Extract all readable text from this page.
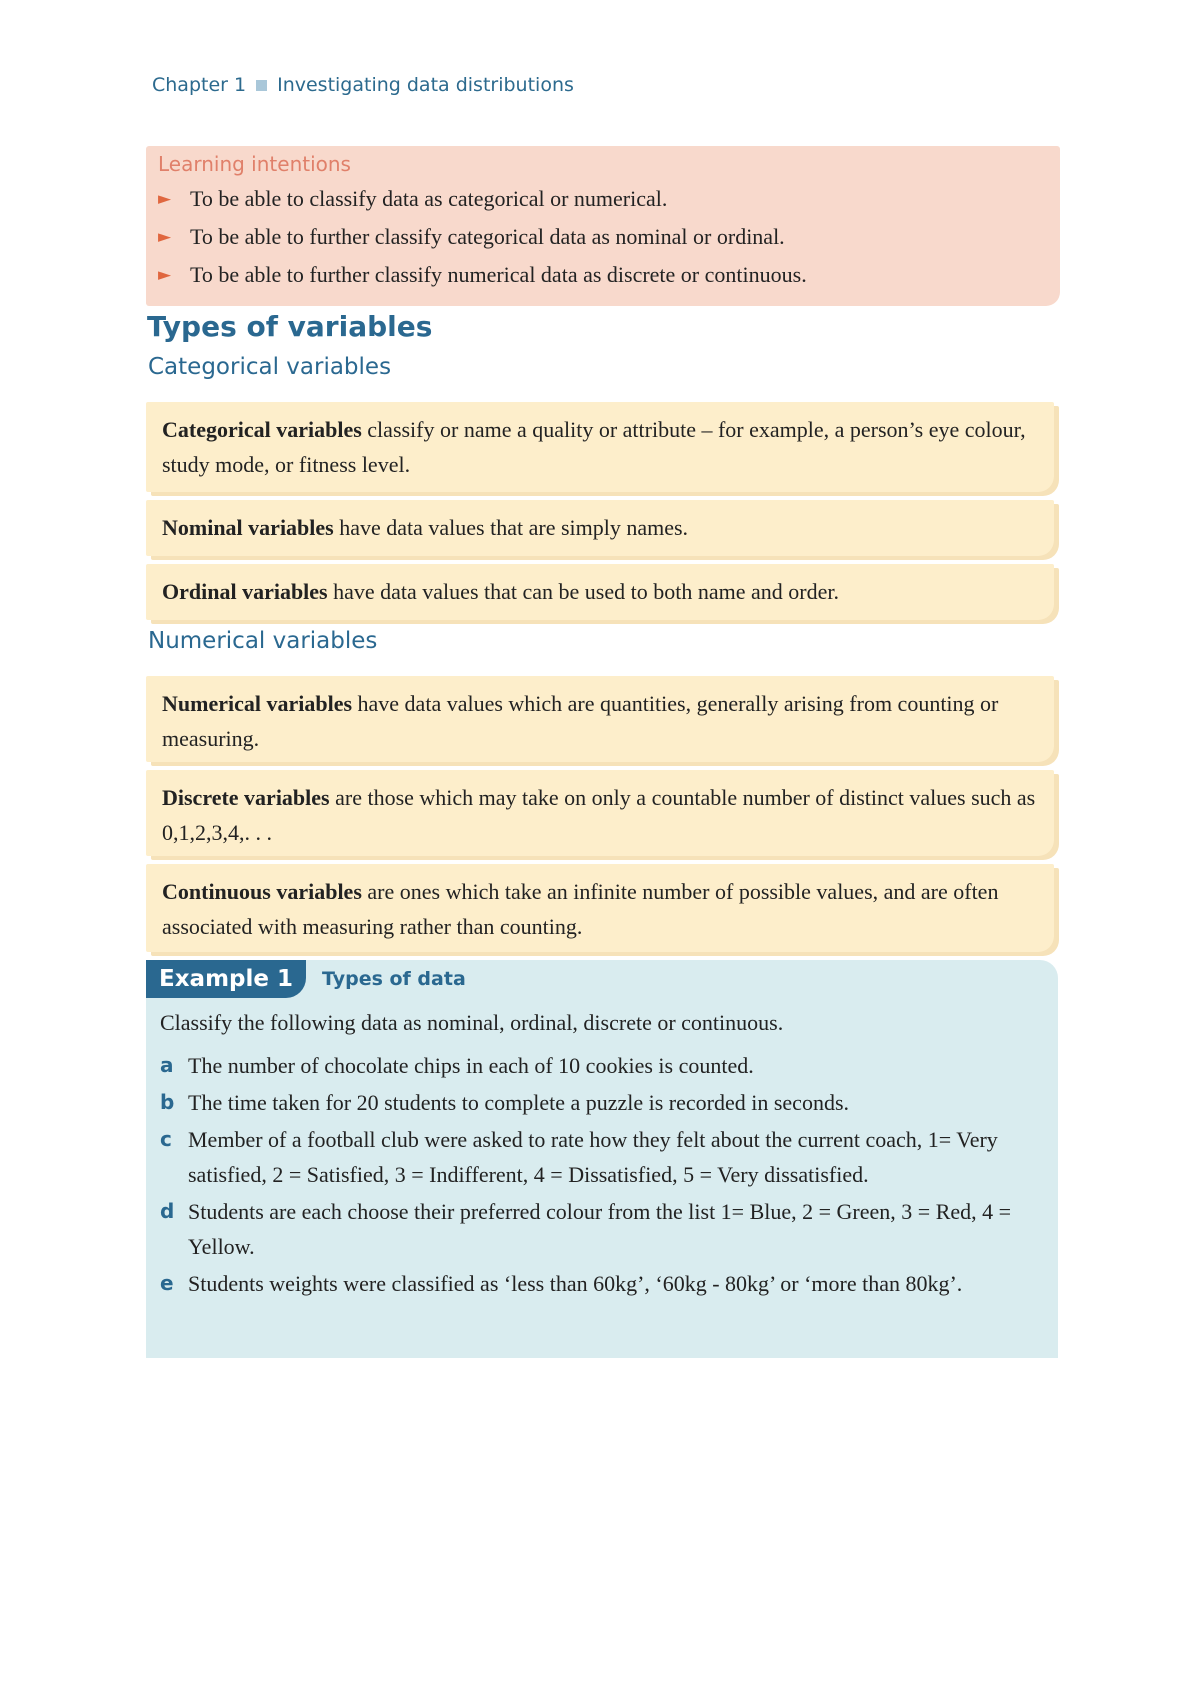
Chapter 1 Investigating data distributions
Learning intentions
► To be able to classify data as categorical or numerical.
► To be able to further classify categorical data as nominal or ordinal.
► To be able to further classify numerical data as discrete or continuous.
Types of variables
Categorical variables
Categorical variables classify or name a quality or attribute – for example, a person’s eye colour, study mode, or fitness level.
Nominal variables have data values that are simply names.
Ordinal variables have data values that can be used to both name and order.
Numerical variables
Numerical variables have data values which are quantities, generally arising from counting or measuring.
Discrete variables are those which may take on only a countable number of distinct values such as 0,1,2,3,4,. . .
Continuous variables are ones which take an infinite number of possible values, and are often associated with measuring rather than counting.
Example 1	Types of data
Classify the following data as nominal, ordinal, discrete or continuous.
a The number of chocolate chips in each of 10 cookies is counted.
b The time taken for 20 students to complete a puzzle is recorded in seconds.
c Member of a football club were asked to rate how they felt about the current coach, 1= Very satisfied, 2 = Satisfied, 3 = Indifferent, 4 = Dissatisfied, 5 = Very dissatisfied.
d Students are each choose their preferred colour from the list 1= Blue, 2 = Green, 3 = Red, 4 = Yellow.
e Students weights were classified as ‘less than 60kg’, ‘60kg - 80kg’ or ‘more than 80kg’.
